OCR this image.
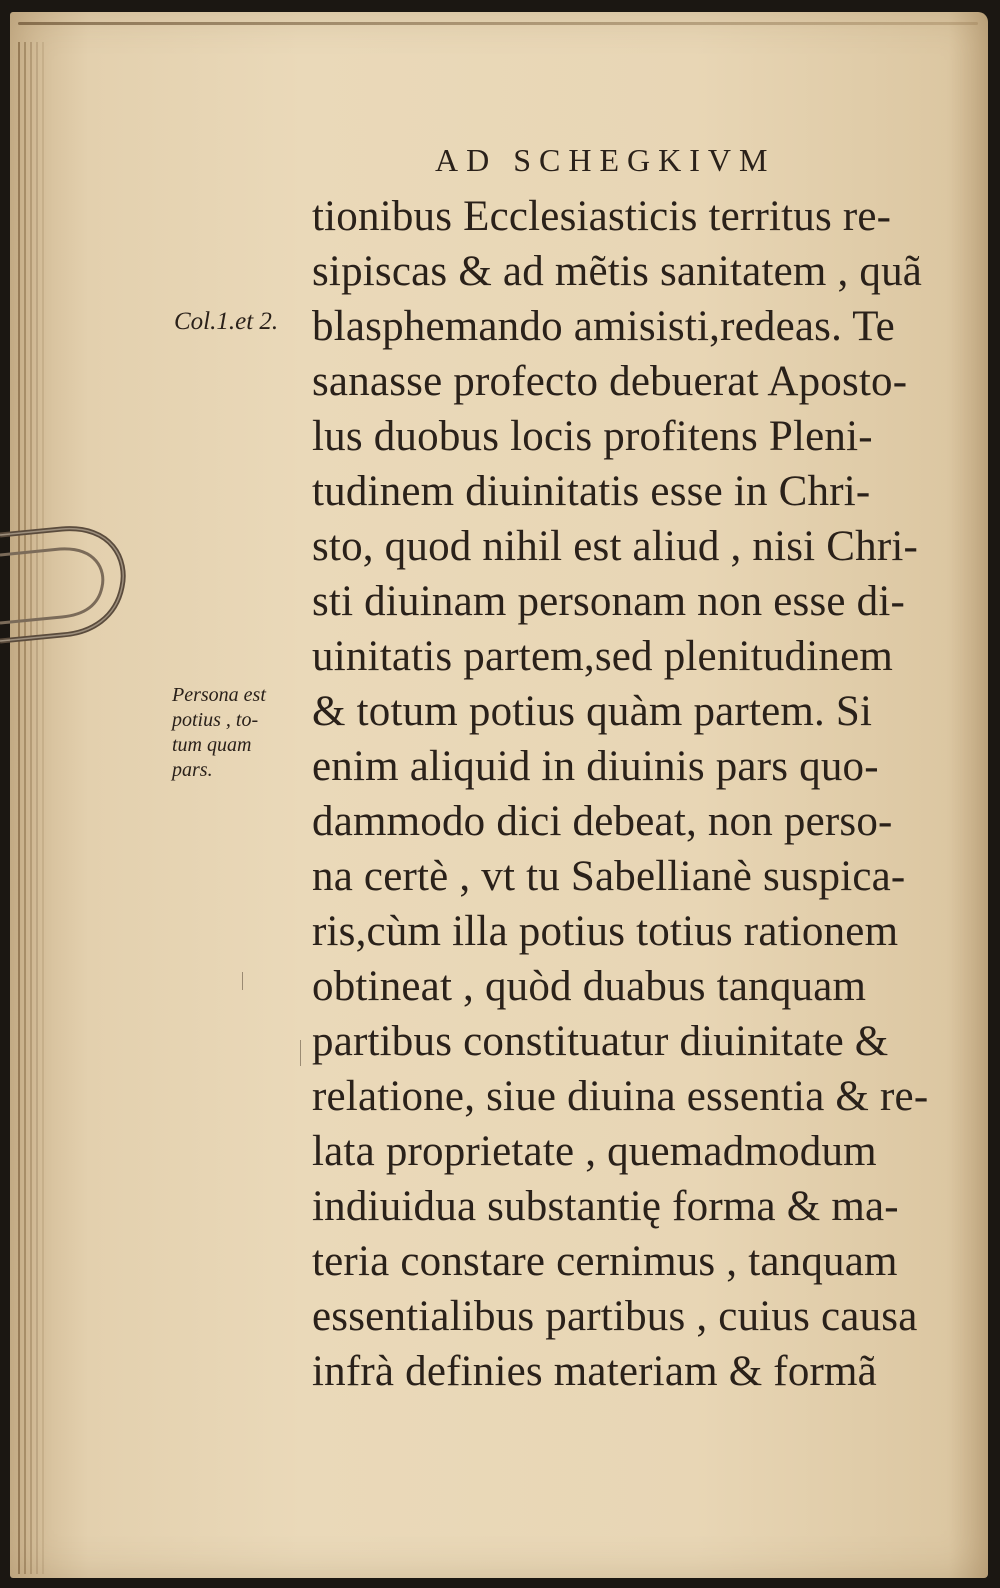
AD SCHEGKIVM
Col.1.et 2.
Persona est
potius , to-
tum quam
pars.
tionibus Ecclesiasticis territus re-
sipiscas & ad mẽtis sanitatem , quã
blasphemando amisisti,redeas. Te
sanasse profecto debuerat Aposto-
lus duobus locis profitens Pleni-
tudinem diuinitatis esse in Chri-
sto, quod nihil est aliud , nisi Chri-
sti diuinam personam non esse di-
uinitatis partem,sed plenitudinem
& totum potius quàm partem. Si
enim aliquid in diuinis pars quo-
dammodo dici debeat, non perso-
na certè , vt tu Sabellianè suspica-
ris,cùm illa potius totius rationem
obtineat , quòd duabus tanquam
partibus constituatur diuinitate &
relatione, siue diuina essentia & re-
lata proprietate , quemadmodum
indiuidua substantię forma & ma-
teria constare cernimus , tanquam
essentialibus partibus , cuius causa
infrà definies materiam & formã
